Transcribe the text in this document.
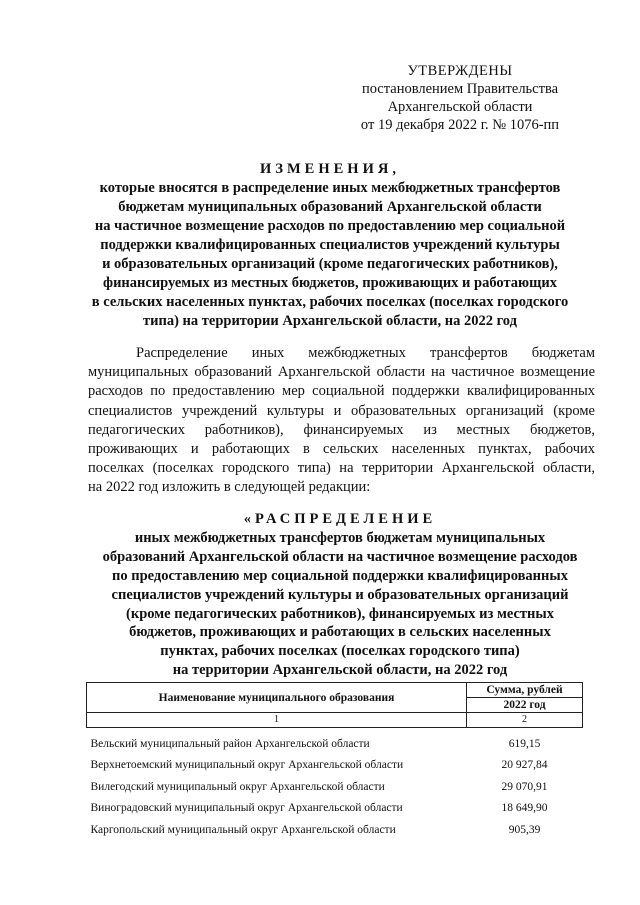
УТВЕРЖДЕНЫ
постановлением Правительства
Архангельской области
от 19 декабря 2022 г. № 1076-пп
ИЗМЕНЕНИЯ,
которые вносятся в распределение иных межбюджетных трансфертов
бюджетам муниципальных образований Архангельской области
на частичное возмещение расходов по предоставлению мер социальной
поддержки квалифицированных специалистов учреждений культуры
и образовательных организаций (кроме педагогических работников),
финансируемых из местных бюджетов, проживающих и работающих
в сельских населенных пунктах, рабочих поселках (поселках городского
типа) на территории Архангельской области, на 2022 год
Распределение иных межбюджетных трансфертов бюджетам
муниципальных образований Архангельской области на частичное возмещение
расходов по предоставлению мер социальной поддержки квалифицированных
специалистов учреждений культуры и образовательных организаций (кроме
педагогических работников), финансируемых из местных бюджетов,
проживающих и работающих в сельских населенных пунктах, рабочих
поселках (поселках городского типа) на территории Архангельской области,
на 2022 год изложить в следующей редакции:
«РАСПРЕДЕЛЕНИЕ
иных межбюджетных трансфертов бюджетам муниципальных
образований Архангельской области на частичное возмещение расходов
по предоставлению мер социальной поддержки квалифицированных
специалистов учреждений культуры и образовательных организаций
(кроме педагогических работников), финансируемых из местных
бюджетов, проживающих и работающих в сельских населенных
пунктах, рабочих поселках (поселках городского типа)
на территории Архангельской области, на 2022 год
Наименование муниципального образования	Сумма, рублей
	2022 год
1	2
Вельский муниципальный район Архангельской области	619,15
Верхнетоемский муниципальный округ Архангельской области	20 927,84
Вилегодский муниципальный округ Архангельской области	29 070,91
Виноградовский муниципальный округ Архангельской области	18 649,90
Каргопольский муниципальный округ Архангельской области	905,39
